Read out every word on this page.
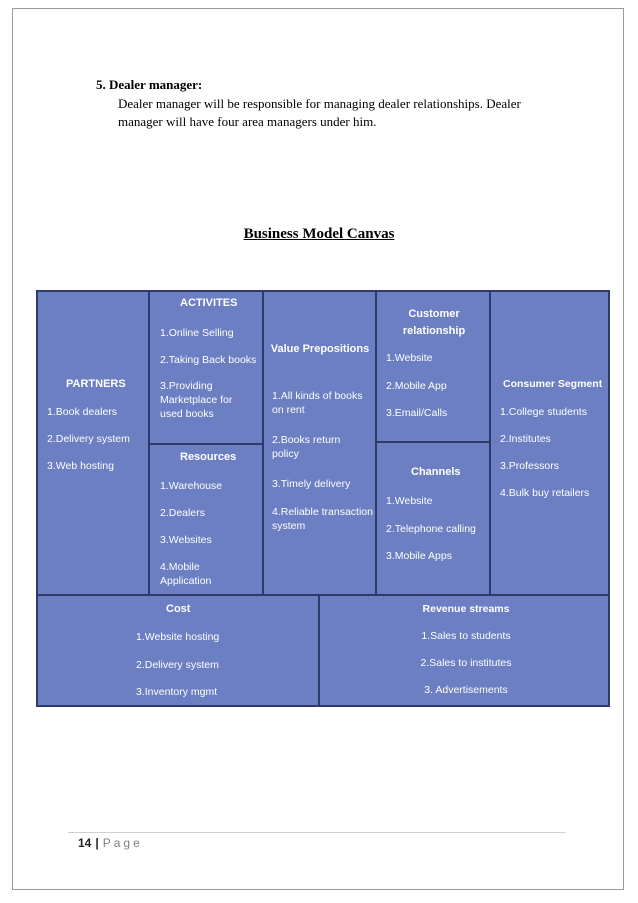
5. Dealer manager:
Dealer manager will be responsible for managing dealer relationships. Dealer manager will have four area managers under him.
Business Model Canvas
PARTNERS
1.Book dealers
2.Delivery system
3.Web hosting
ACTIVITES
1.Online Selling
2.Taking Back books
3.Providing Marketplace for used books
Resources
1.Warehouse
2.Dealers
3.Websites
4.Mobile Application
Value Prepositions
1.All kinds of books on rent
2.Books return policy
3.Timely delivery
4.Reliable transaction system
Customer relationship
1.Website
2.Mobile App
3.Email/Calls
Channels
1.Website
2.Telephone calling
3.Mobile Apps
Consumer Segment
1.College students
2.Institutes
3.Professors
4.Bulk buy retailers
Cost
1.Website hosting
2.Delivery system
3.Inventory mgmt
Revenue streams
1.Sales to students
2.Sales to institutes
3. Advertisements
14 | Page
